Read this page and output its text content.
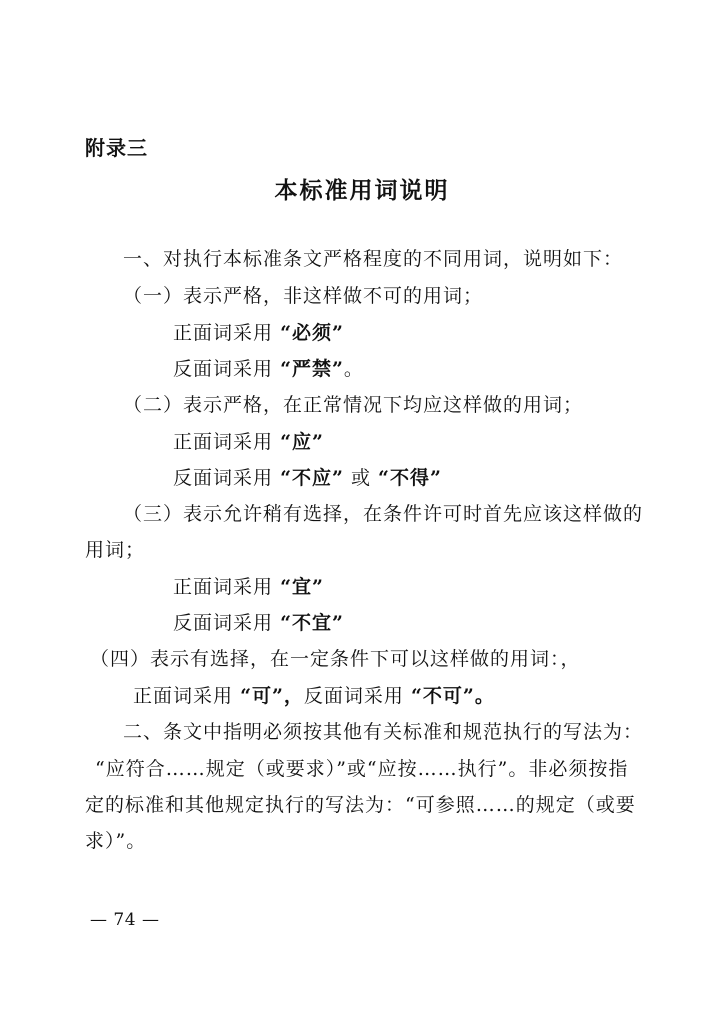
附录三
本标准用词说明
一、对执行本标准条文严格程度的不同用词，说明如下：
（一）表示严格，非这样做不可的用词；
正面词采用 “必须”
反面词采用 “严禁”。
（二）表示严格，在正常情况下均应这样做的用词；
正面词采用 “应”
反面词采用 “不应” 或 “不得”
（三）表示允许稍有选择，在条件许可时首先应该这样做的
用词；
正面词采用 “宜”
反面词采用 “不宜”
（四）表示有选择，在一定条件下可以这样做的用词：，
正面词采用 “可”，反面词采用 “不可”。
二、条文中指明必须按其他有关标准和规范执行的写法为：
“应符合……规定（或要求）”或“应按……执行”。非必须按指
定的标准和其他规定执行的写法为：“可参照……的规定（或要
求）”。
— 74 —
